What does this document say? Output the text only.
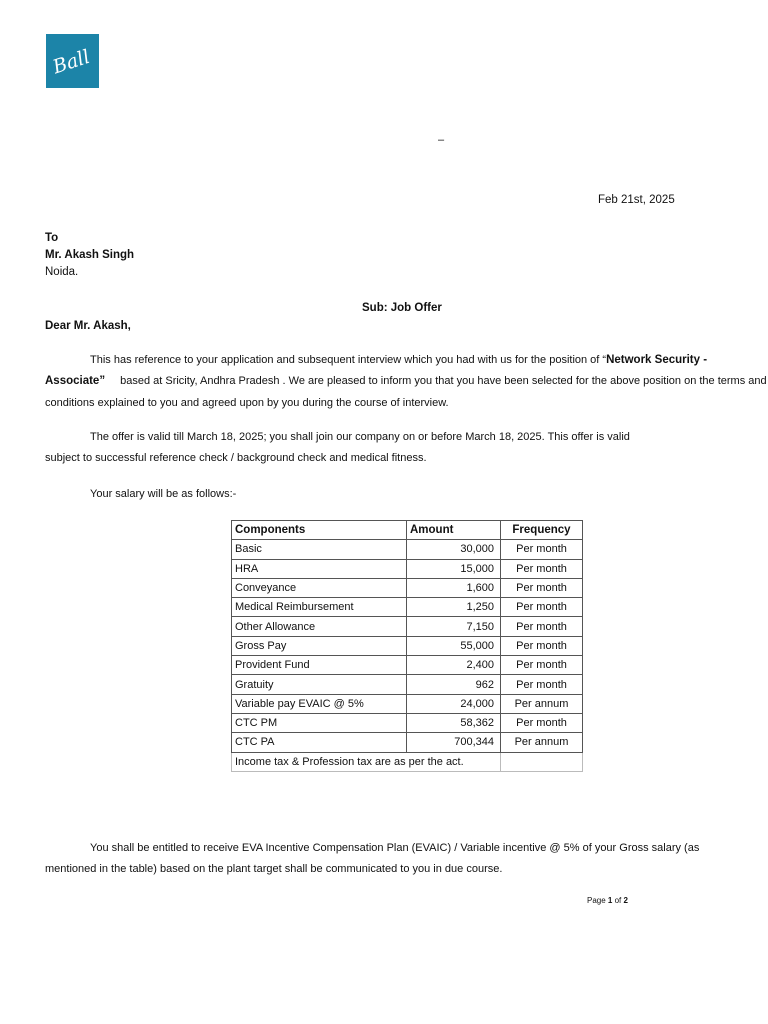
Ball
–
Feb 21st, 2025
To
Mr. Akash Singh
Noida.
Sub: Job Offer
Dear Mr. Akash,
This has reference to your application and subsequent interview which you had with us for the position of “Network Security -
Associate” based at Sricity, Andhra Pradesh . We are pleased to inform you that you have been selected for the above position on the terms and
conditions explained to you and agreed upon by you during the course of interview.
The offer is valid till March 18, 2025; you shall join our company on or before March 18, 2025. This offer is valid
subject to successful reference check / background check and medical fitness.
Your salary will be as follows:-
Components	Amount	Frequency
Basic	30,000	Per month
HRA	15,000	Per month
Conveyance	1,600	Per month
Medical Reimbursement	1,250	Per month
Other Allowance	7,150	Per month
Gross Pay	55,000	Per month
Provident Fund	2,400	Per month
Gratuity	962	Per month
Variable pay EVAIC @ 5%	24,000	Per annum
CTC PM	58,362	Per month
CTC PA	700,344	Per annum
Income tax & Profession tax are as per the act.		
You shall be entitled to receive EVA Incentive Compensation Plan (EVAIC) / Variable incentive @ 5% of your Gross salary (as
mentioned in the table) based on the plant target shall be communicated to you in due course.
Page 1 of 2
